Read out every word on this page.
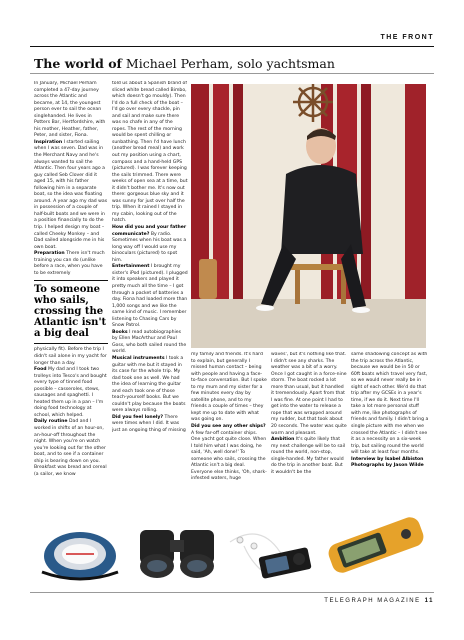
THE FRONT
The world of Michael Perham, solo yachtsman

In January, Michael Perham completed a 47-day journey across the Atlantic and became, at 14, the youngest person ever to sail the ocean singlehanded. He lives in Potters Bar, Hertfordshire, with his mother, Heather, father, Peter, and sister, Fiona.

Inspiration I started sailing when I was seven. Dad was in the Merchant Navy and he's always wanted to sail the Atlantic. Then four years ago a guy called Seb Clover did it aged 15, with his father following him in a separate boat, so the idea was floating around. A year ago my dad was in possession of a couple of half-built boats and we were in a position financially to do the trip. I helped design my boat – called Cheeky Monkey – and Dad sailed alongside me in his own boat.

Preparation There isn't much training you can do (unlike before a race, when you have to be extremely

To someone who sails, crossing the Atlantic isn't a big deal

physically fit). Before the trip I didn't sail alone in my yacht for longer than a day.

Food My dad and I took two trolleys into Tesco's and bought every type of tinned food possible – casseroles, stews, sausages and spaghetti. I heated them up in a pan – I'm doing food technology at school, which helped.

Daily routine Dad and I worked in shifts of an hour-on, an-hour-off throughout the night. When you're on watch you're looking out for the other boat, and to see if a container ship is bearing down on you. Breakfast was bread and cereal (a sailor, we know

told us about a Spanish brand of sliced white bread called Bimbo, which doesn't go mouldy). Then I'd do a full check of the boat – I'd go over every shackle, pin and sail and make sure there was no chafe in any of the ropes. The rest of the morning would be spent chilling or sunbathing. Then I'd have lunch (another bread meal) and work out my position using a chart, compass and a hand-held GPS (pictured). I was forever keeping the sails trimmed. There were weeks of open sea at a time, but it didn't bother me. It's now out there: gorgeous blue sky and it was sunny for just over half the trip. When it rained I stayed in my cabin, looking out of the hatch.

How did you and your father communicate? By radio. Sometimes when his boat was a long way off I would use my binoculars (pictured) to spot him.

Entertainment I brought my sister's iPod (pictured). I plugged it into speakers and played it pretty much all the time – I got through a packet of batteries a day. Fiona had loaded more than 1,000 songs and we like the same kind of music. I remember listening to Chasing Cars by Snow Patrol.

Books I read autobiographies by Ellen MacArthur and Paul Goss, who both sailed round the world.

Musical instruments I took a guitar with me but it stayed in its case for the whole trip. My dad took one as well. We had the idea of learning the guitar and each took one of those teach-yourself books. But we couldn't play because the boats were always rolling.

Did you feel lonely? There were times when I did. It was just an ongoing thing of missing

my family and friends. It's hard to explain, but generally I missed human contact – being with people and having a face-to-face conversation. But I spoke to my mum and my sister for a few minutes every day by satellite phone, and to my friends a couple of times – they kept me up to date with what was going on.

Did you see any other ships? A few far-off container ships. One yacht got quite close. When I told him what I was doing, he said, 'Ah, well done!' To someone who sails, crossing the Atlantic isn't a big deal. Everyone else thinks, 'Oh, shark-infested waters, huge

waves', but it's nothing like that. I didn't see any sharks. The weather was a bit of a worry. Once I got caught in a force-nine storm. The boat rocked a lot more than usual, but it handled it tremendously. Apart from that I was fine. At one point I had to get into the water to release a rope that was wrapped around my rudder, but that took about 20 seconds. The water was quite warm and pleasant.

Ambition It's quite likely that my next challenge will be to sail round the world, non-stop, single-handed. My father would do the trip in another boat. But it wouldn't be the

same shadowing concept as with the trip across the Atlantic, because we would be in 50 or 60ft boats which travel very fast, so we would never really be in sight of each other. We'd do that trip after my GCSEs in a year's time, if we do it. Next time I'll take a lot more personal stuff with me, like photographs of friends and family. I didn't bring a single picture with me when we crossed the Atlantic – I didn't see it as a necessity on a six-week trip, but sailing round the world will take at least four months.

Interview by Isabel Albiston

Photographs by Jason Wilde

TELEGRAPH MAGAZINE 11
